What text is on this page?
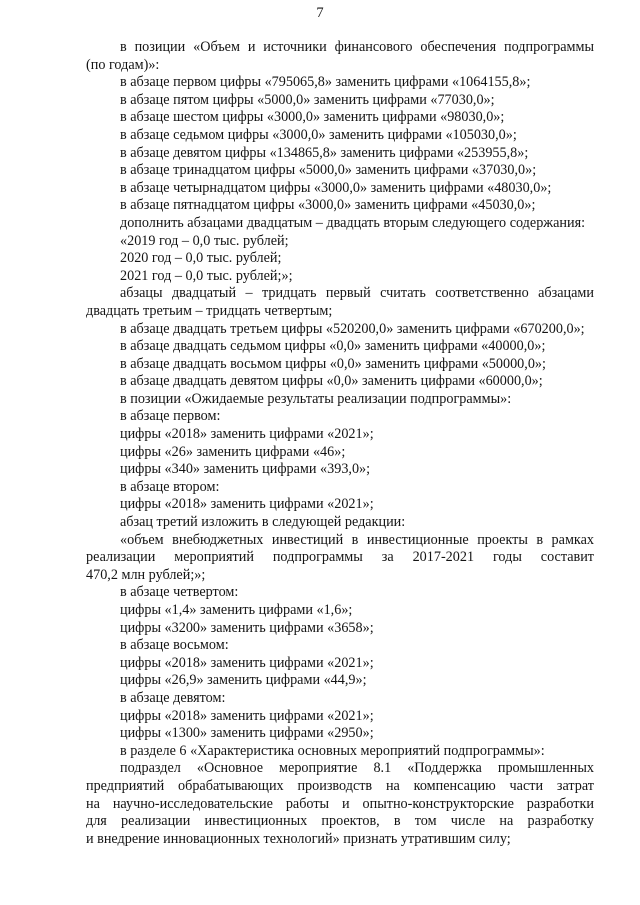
7
в позиции «Объем и источники финансового обеспечения подпрограммы
(по годам)»:
в абзаце первом цифры «795065,8» заменить цифрами «1064155,8»;
в абзаце пятом цифры «5000,0» заменить цифрами «77030,0»;
в абзаце шестом цифры «3000,0» заменить цифрами «98030,0»;
в абзаце седьмом цифры «3000,0» заменить цифрами «105030,0»;
в абзаце девятом цифры «134865,8» заменить цифрами «253955,8»;
в абзаце тринадцатом цифры «5000,0» заменить цифрами «37030,0»;
в абзаце четырнадцатом цифры «3000,0» заменить цифрами «48030,0»;
в абзаце пятнадцатом цифры «3000,0» заменить цифрами «45030,0»;
дополнить абзацами двадцатым – двадцать вторым следующего содержания:
«2019 год – 0,0 тыс. рублей;
2020 год – 0,0 тыс. рублей;
2021 год – 0,0 тыс. рублей;»;
абзацы двадцатый – тридцать первый считать соответственно абзацами
двадцать третьим – тридцать четвертым;
в абзаце двадцать третьем цифры «520200,0» заменить цифрами «670200,0»;
в абзаце двадцать седьмом цифры «0,0» заменить цифрами «40000,0»;
в абзаце двадцать восьмом цифры «0,0» заменить цифрами «50000,0»;
в абзаце двадцать девятом цифры «0,0» заменить цифрами «60000,0»;
в позиции «Ожидаемые результаты реализации подпрограммы»:
в абзаце первом:
цифры «2018» заменить цифрами «2021»;
цифры «26» заменить цифрами «46»;
цифры «340» заменить цифрами «393,0»;
в абзаце втором:
цифры «2018» заменить цифрами «2021»;
абзац третий изложить в следующей редакции:
«объем внебюджетных инвестиций в инвестиционные проекты в рамках
реализации мероприятий подпрограммы за 2017-2021 годы составит
470,2 млн рублей;»;
в абзаце четвертом:
цифры «1,4» заменить цифрами «1,6»;
цифры «3200» заменить цифрами «3658»;
в абзаце восьмом:
цифры «2018» заменить цифрами «2021»;
цифры «26,9» заменить цифрами «44,9»;
в абзаце девятом:
цифры «2018» заменить цифрами «2021»;
цифры «1300» заменить цифрами «2950»;
в разделе 6 «Характеристика основных мероприятий подпрограммы»:
подраздел «Основное мероприятие 8.1 «Поддержка промышленных
предприятий обрабатывающих производств на компенсацию части затрат
на научно-исследовательские работы и опытно-конструкторские разработки
для реализации инвестиционных проектов, в том числе на разработку
и внедрение инновационных технологий» признать утратившим силу;
